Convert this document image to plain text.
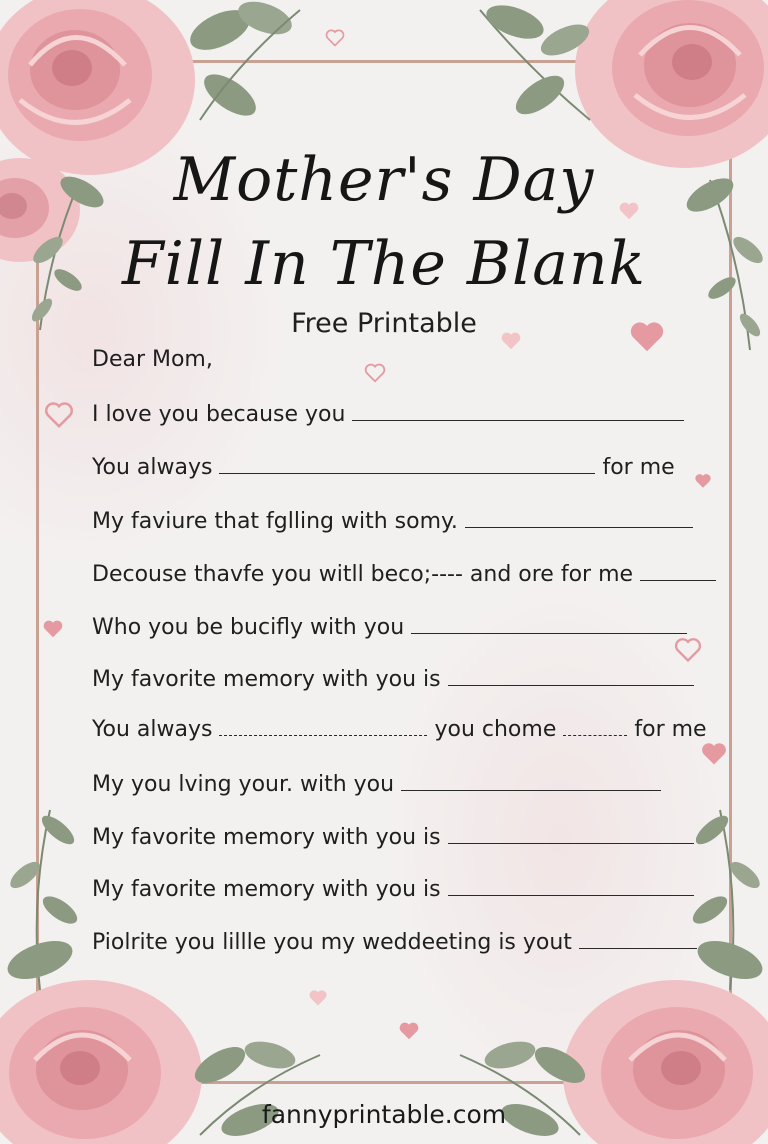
Mother's Day
Fill In The Blank
Free Printable
Dear Mom,
I love you because you
You always	for me
My faviure that fglling with somy.
Decouse thavfe you witll beco;---- and ore for me
Who you be bucifly with you
My favorite memory with you is
You always	you chome	for me
My you lving your. with you
My favorite memory with you is
My favorite memory with you is
Piolrite you lillle you my weddeeting is yout
fannyprintable.com
